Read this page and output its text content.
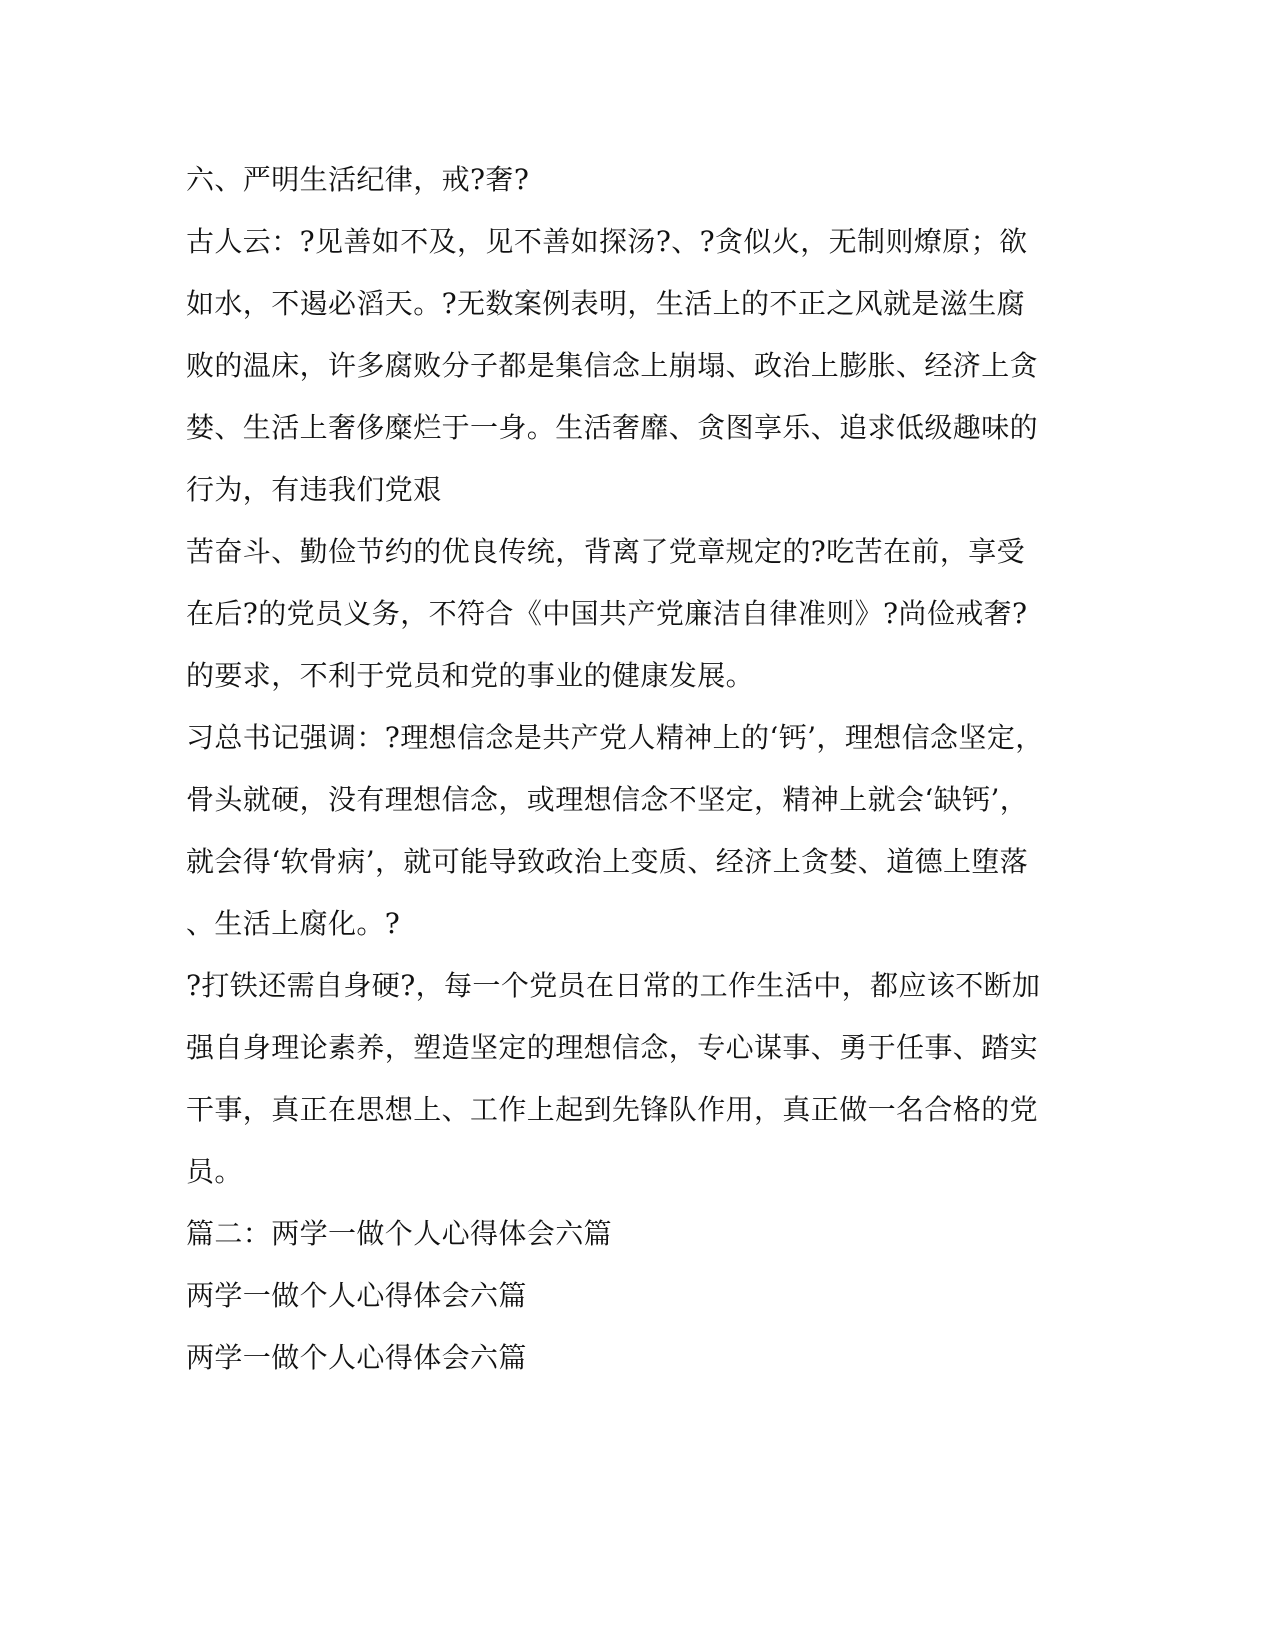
六、严明生活纪律，戒?奢?
古人云：?见善如不及，见不善如探汤?、?贪似火，无制则燎原；欲
如水，不遏必滔天。?无数案例表明，生活上的不正之风就是滋生腐
败的温床，许多腐败分子都是集信念上崩塌、政治上膨胀、经济上贪
婪、生活上奢侈糜烂于一身。生活奢靡、贪图享乐、追求低级趣味的
行为，有违我们党艰
苦奋斗、勤俭节约的优良传统，背离了党章规定的?吃苦在前，享受
在后?的党员义务，不符合《中国共产党廉洁自律准则》?尚俭戒奢?
的要求，不利于党员和党的事业的健康发展。
习总书记强调：?理想信念是共产党人精神上的‘钙’，理想信念坚定，
骨头就硬，没有理想信念，或理想信念不坚定，精神上就会‘缺钙’，
就会得‘软骨病’，就可能导致政治上变质、经济上贪婪、道德上堕落
、生活上腐化。?
?打铁还需自身硬?，每一个党员在日常的工作生活中，都应该不断加
强自身理论素养，塑造坚定的理想信念，专心谋事、勇于任事、踏实
干事，真正在思想上、工作上起到先锋队作用，真正做一名合格的党
员。
篇二：两学一做个人心得体会六篇
两学一做个人心得体会六篇
两学一做个人心得体会六篇
